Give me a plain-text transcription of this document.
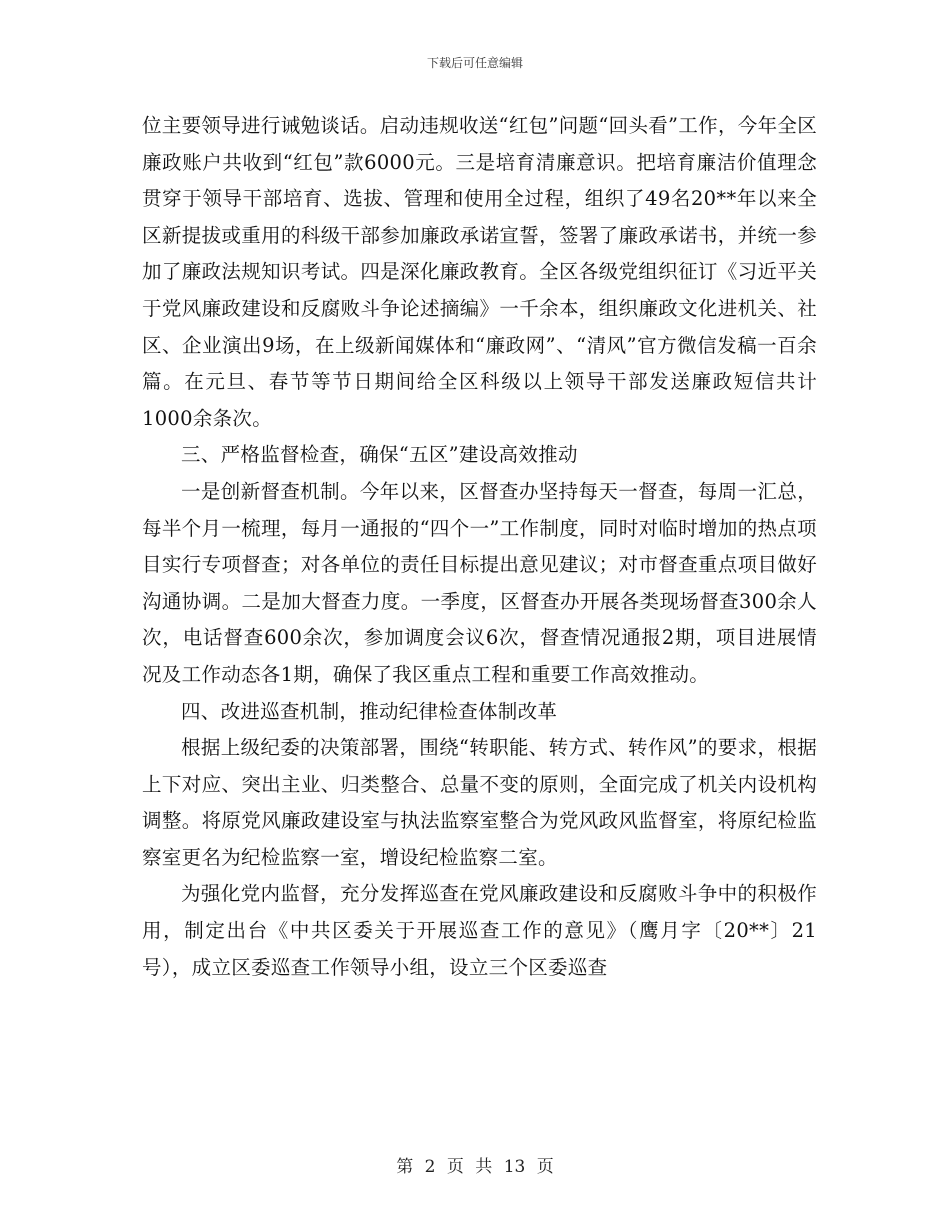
下载后可任意编辑

位主要领导进行诫勉谈话。启动违规收送“红包”问题“回头看”工作，今年全区廉政账户共收到“红包”款6000元。三是培育清廉意识。把培育廉洁价值理念贯穿于领导干部培育、选拔、管理和使用全过程，组织了49名20**年以来全区新提拔或重用的科级干部参加廉政承诺宣誓，签署了廉政承诺书，并统一参加了廉政法规知识考试。四是深化廉政教育。全区各级党组织征订《习近平关于党风廉政建设和反腐败斗争论述摘编》一千余本，组织廉政文化进机关、社区、企业演出9场，在上级新闻媒体和“廉政网”、“清风”官方微信发稿一百余篇。在元旦、春节等节日期间给全区科级以上领导干部发送廉政短信共计1000余条次。

三、严格监督检查，确保“五区”建设高效推动

一是创新督查机制。今年以来，区督查办坚持每天一督查，每周一汇总，每半个月一梳理，每月一通报的“四个一”工作制度，同时对临时增加的热点项目实行专项督查；对各单位的责任目标提出意见建议；对市督查重点项目做好沟通协调。二是加大督查力度。一季度，区督查办开展各类现场督查300余人次，电话督查600余次，参加调度会议6次，督查情况通报2期，项目进展情况及工作动态各1期，确保了我区重点工程和重要工作高效推动。

四、改进巡查机制，推动纪律检查体制改革

根据上级纪委的决策部署，围绕“转职能、转方式、转作风”的要求，根据上下对应、突出主业、归类整合、总量不变的原则，全面完成了机关内设机构调整。将原党风廉政建设室与执法监察室整合为党风政风监督室，将原纪检监察室更名为纪检监察一室，增设纪检监察二室。

为强化党内监督，充分发挥巡查在党风廉政建设和反腐败斗争中的积极作用，制定出台《中共区委关于开展巡查工作的意见》（鹰月字〔20**〕21号），成立区委巡查工作领导小组，设立三个区委巡查

第 2 页 共 13 页
